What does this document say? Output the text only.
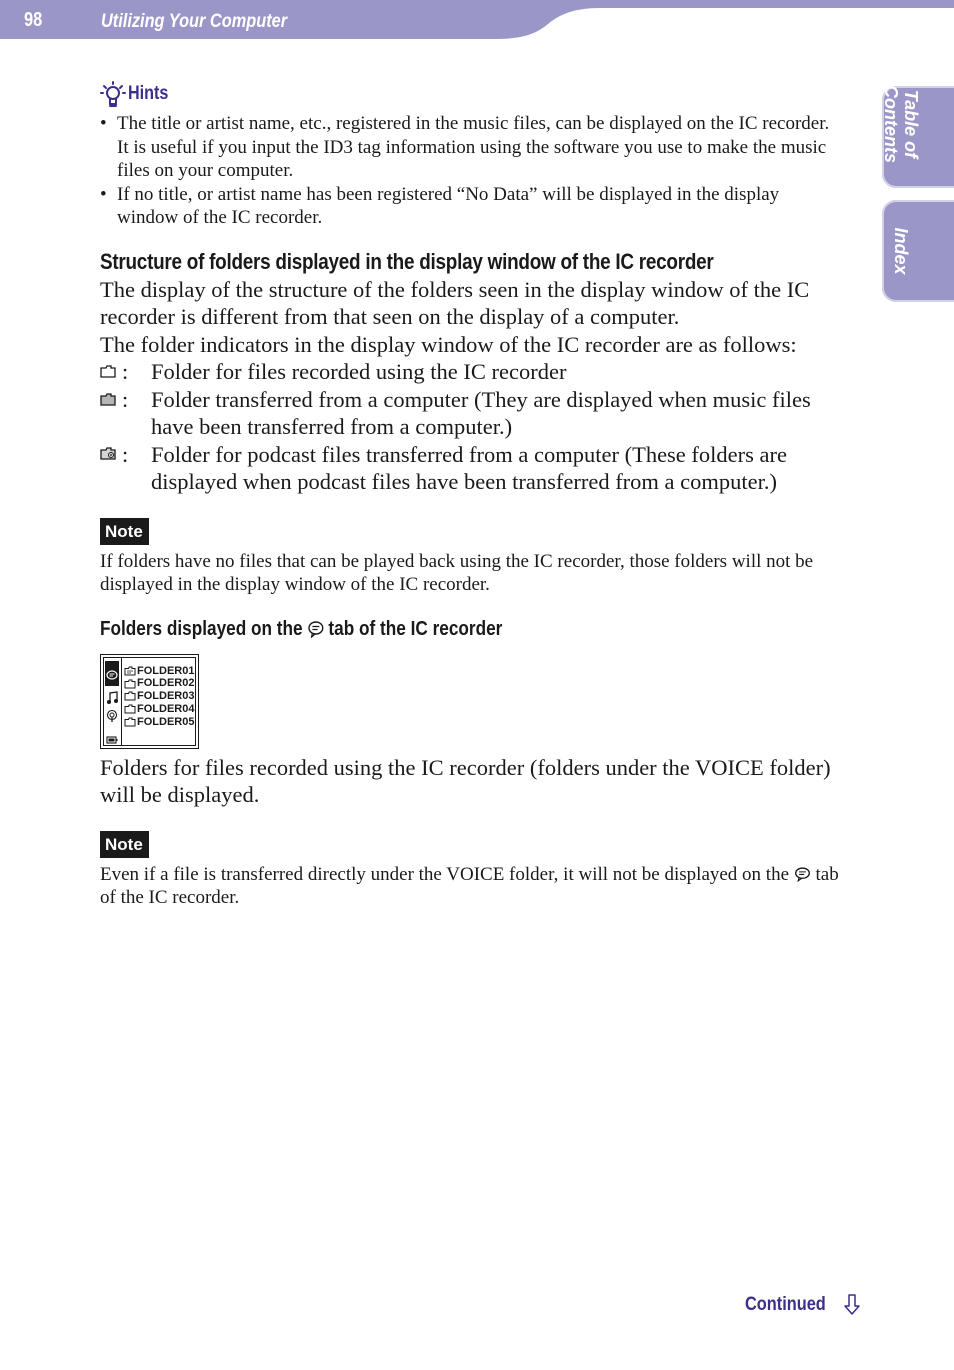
98	Utilizing Your Computer
Table of
Contents
Index
Hints
• The title or artist name, etc., registered in the music files, can be displayed on the IC recorder. It is useful if you input the ID3 tag information using the software you use to make the music files on your computer.
• If no title, or artist name has been registered “No Data” will be displayed in the display window of the IC recorder.
Structure of folders displayed in the display window of the IC recorder

The display of the structure of the folders seen in the display window of the IC recorder is different from that seen on the display of a computer.

The folder indicators in the display window of the IC recorder are as follows:

: Folder for files recorded using the IC recorder
: Folder transferred from a computer (They are displayed when music files have been transferred from a computer.)
: Folder for podcast files transferred from a computer (These folders are displayed when podcast files have been transferred from a computer.)
Note

If folders have no files that can be played back using the IC recorder, those folders will not be displayed in the display window of the IC recorder.

Folders displayed on the tab of the IC recorder
FOLDER01
FOLDER02
FOLDER03
FOLDER04
FOLDER05

Folders for files recorded using the IC recorder (folders under the VOICE folder) will be displayed.

Note

Even if a file is transferred directly under the VOICE folder, it will not be displayed on the tab of the IC recorder.

Continued
